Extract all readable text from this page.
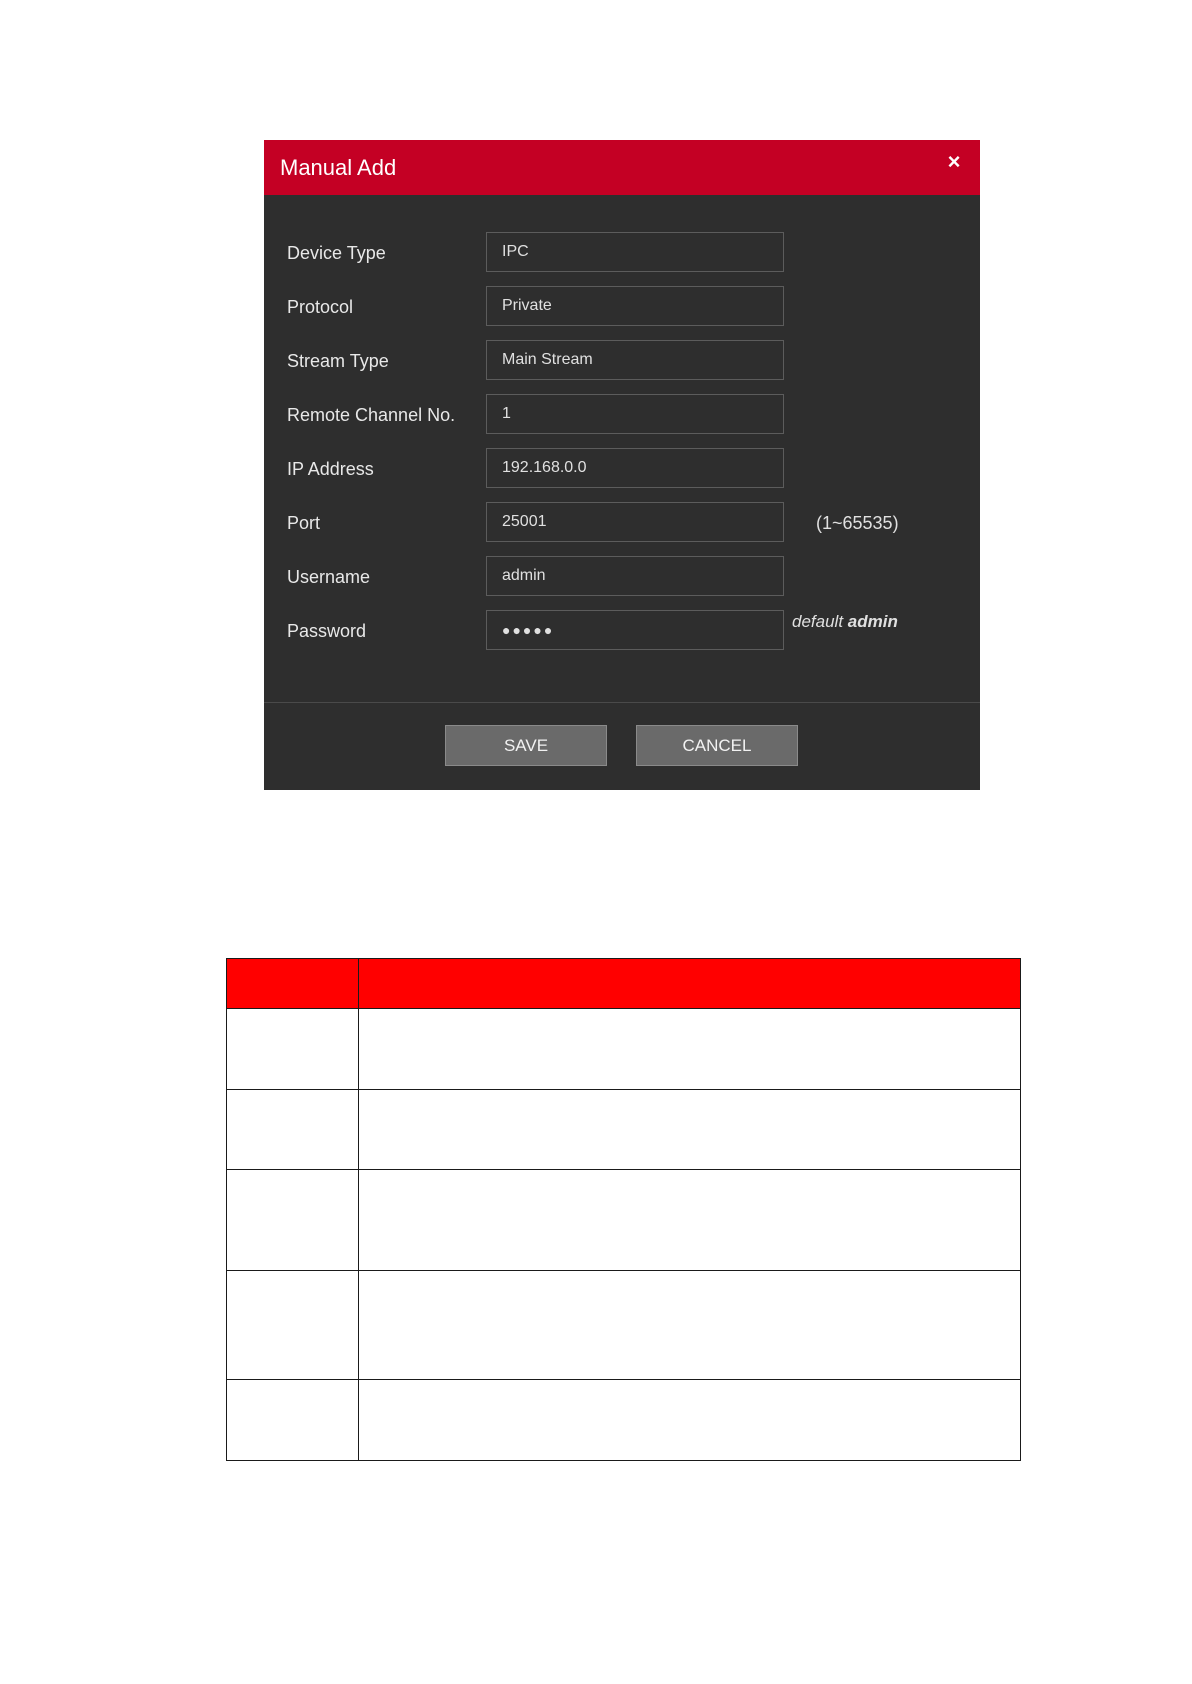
Manual Add	×
Device Type	IPC
Protocol	Private
Stream Type	Main Stream
Remote Channel No.	1
IP Address	192.168.0.0
Port	25001	(1~65535)
Username	admin
Password	●●●●●	default admin
SAVE	CANCEL
